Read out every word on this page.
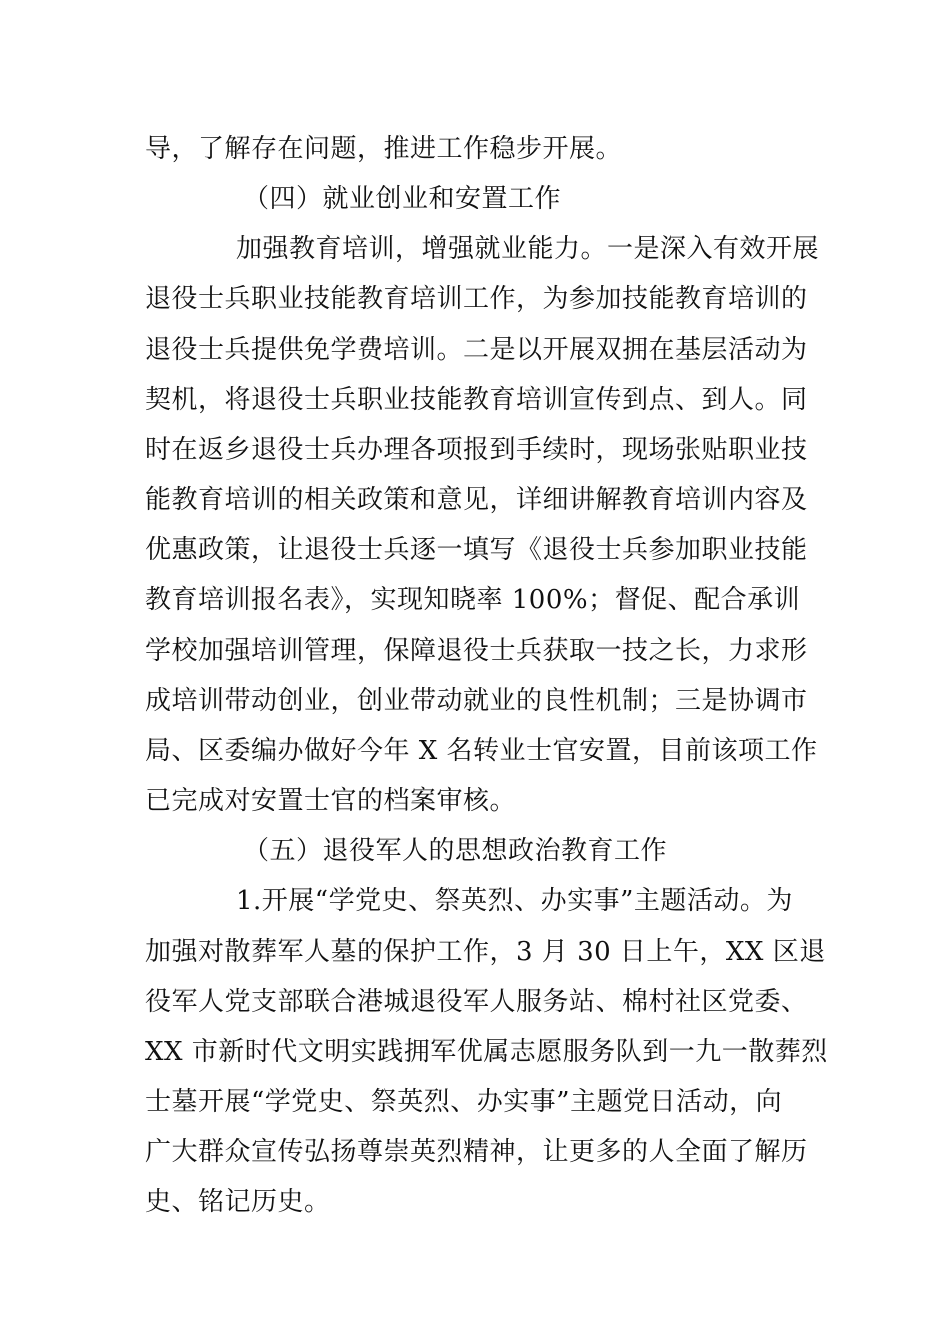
导，了解存在问题，推进工作稳步开展。
（四）就业创业和安置工作
加强教育培训，增强就业能力。一是深入有效开展
退役士兵职业技能教育培训工作，为参加技能教育培训的
退役士兵提供免学费培训。二是以开展双拥在基层活动为
契机，将退役士兵职业技能教育培训宣传到点、到人。同
时在返乡退役士兵办理各项报到手续时，现场张贴职业技
能教育培训的相关政策和意见，详细讲解教育培训内容及
优惠政策，让退役士兵逐一填写《退役士兵参加职业技能
教育培训报名表》，实现知晓率 100%；督促、配合承训
学校加强培训管理，保障退役士兵获取一技之长，力求形
成培训带动创业，创业带动就业的良性机制；三是协调市
局、区委编办做好今年 X 名转业士官安置，目前该项工作
已完成对安置士官的档案审核。
（五）退役军人的思想政治教育工作
1.开展“学党史、祭英烈、办实事”主题活动。为
加强对散葬军人墓的保护工作，3 月 30 日上午，XX 区退
役军人党支部联合港城退役军人服务站、棉村社区党委、
XX 市新时代文明实践拥军优属志愿服务队到一九一散葬烈
士墓开展“学党史、祭英烈、办实事”主题党日活动，向
广大群众宣传弘扬尊崇英烈精神，让更多的人全面了解历
史、铭记历史。
